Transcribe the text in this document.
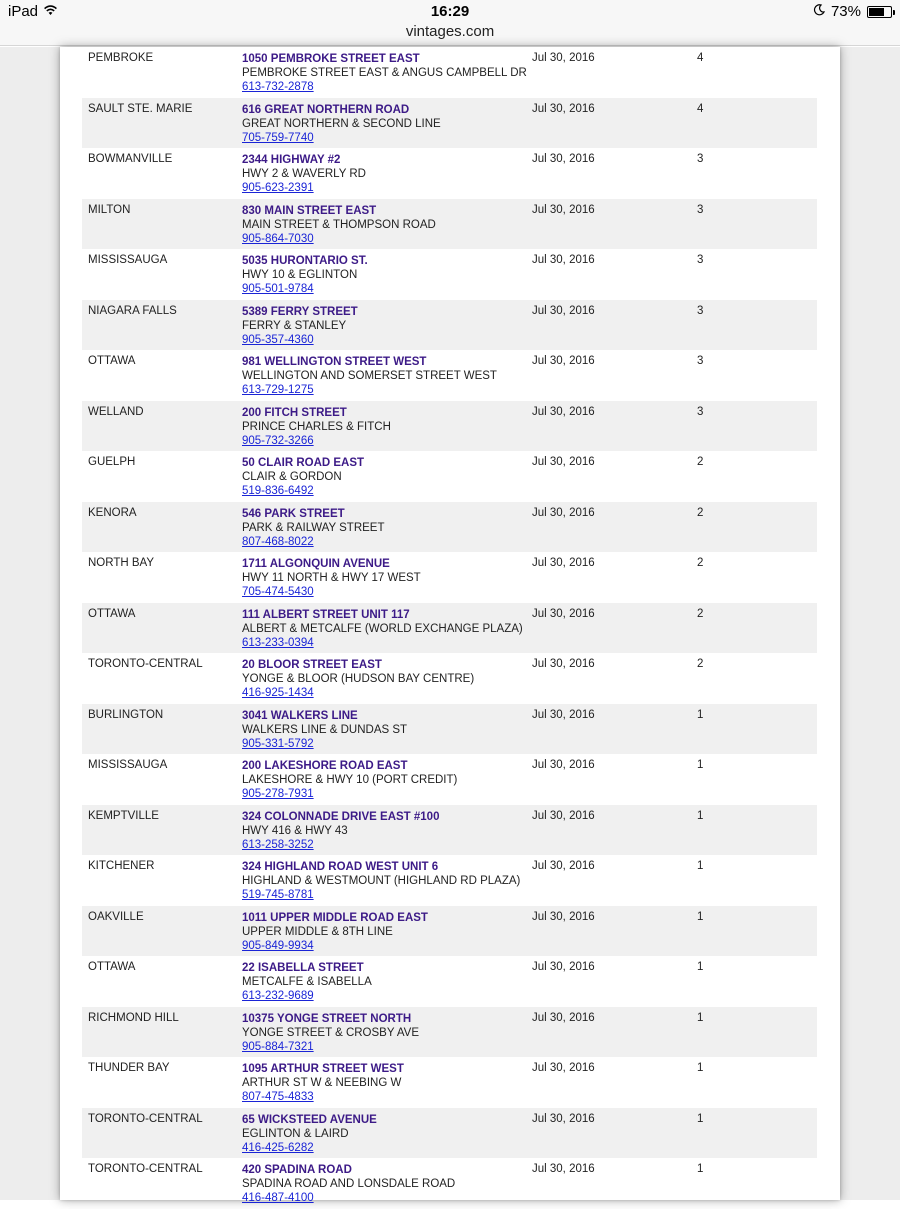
iPad	16:29	73%
vintages.com
PEMBROKE	1050 PEMBROKE STREET EAST
PEMBROKE STREET EAST & ANGUS CAMPBELL DR
613-732-2878
Jul 30, 2016	4
SAULT STE. MARIE	616 GREAT NORTHERN ROAD
GREAT NORTHERN & SECOND LINE
705-759-7740
Jul 30, 2016	4
BOWMANVILLE	2344 HIGHWAY #2
HWY 2 & WAVERLY RD
905-623-2391
Jul 30, 2016	3
MILTON	830 MAIN STREET EAST
MAIN STREET & THOMPSON ROAD
905-864-7030
Jul 30, 2016	3
MISSISSAUGA	5035 HURONTARIO ST.
HWY 10 & EGLINTON
905-501-9784
Jul 30, 2016	3
NIAGARA FALLS	5389 FERRY STREET
FERRY & STANLEY
905-357-4360
Jul 30, 2016	3
OTTAWA	981 WELLINGTON STREET WEST
WELLINGTON AND SOMERSET STREET WEST
613-729-1275
Jul 30, 2016	3
WELLAND	200 FITCH STREET
PRINCE CHARLES & FITCH
905-732-3266
Jul 30, 2016	3
GUELPH	50 CLAIR ROAD EAST
CLAIR & GORDON
519-836-6492
Jul 30, 2016	2
KENORA	546 PARK STREET
PARK & RAILWAY STREET
807-468-8022
Jul 30, 2016	2
NORTH BAY	1711 ALGONQUIN AVENUE
HWY 11 NORTH & HWY 17 WEST
705-474-5430
Jul 30, 2016	2
OTTAWA	111 ALBERT STREET UNIT 117
ALBERT & METCALFE (WORLD EXCHANGE PLAZA)
613-233-0394
Jul 30, 2016	2
TORONTO-CENTRAL	20 BLOOR STREET EAST
YONGE & BLOOR (HUDSON BAY CENTRE)
416-925-1434
Jul 30, 2016	2
BURLINGTON	3041 WALKERS LINE
WALKERS LINE & DUNDAS ST
905-331-5792
Jul 30, 2016	1
MISSISSAUGA	200 LAKESHORE ROAD EAST
LAKESHORE & HWY 10 (PORT CREDIT)
905-278-7931
Jul 30, 2016	1
KEMPTVILLE	324 COLONNADE DRIVE EAST #100
HWY 416 & HWY 43
613-258-3252
Jul 30, 2016	1
KITCHENER	324 HIGHLAND ROAD WEST UNIT 6
HIGHLAND & WESTMOUNT (HIGHLAND RD PLAZA)
519-745-8781
Jul 30, 2016	1
OAKVILLE	1011 UPPER MIDDLE ROAD EAST
UPPER MIDDLE & 8TH LINE
905-849-9934
Jul 30, 2016	1
OTTAWA	22 ISABELLA STREET
METCALFE & ISABELLA
613-232-9689
Jul 30, 2016	1
RICHMOND HILL	10375 YONGE STREET NORTH
YONGE STREET & CROSBY AVE
905-884-7321
Jul 30, 2016	1
THUNDER BAY	1095 ARTHUR STREET WEST
ARTHUR ST W & NEEBING W
807-475-4833
Jul 30, 2016	1
TORONTO-CENTRAL	65 WICKSTEED AVENUE
EGLINTON & LAIRD
416-425-6282
Jul 30, 2016	1
TORONTO-CENTRAL	420 SPADINA ROAD
SPADINA ROAD AND LONSDALE ROAD
416-487-4100
Jul 30, 2016	1
